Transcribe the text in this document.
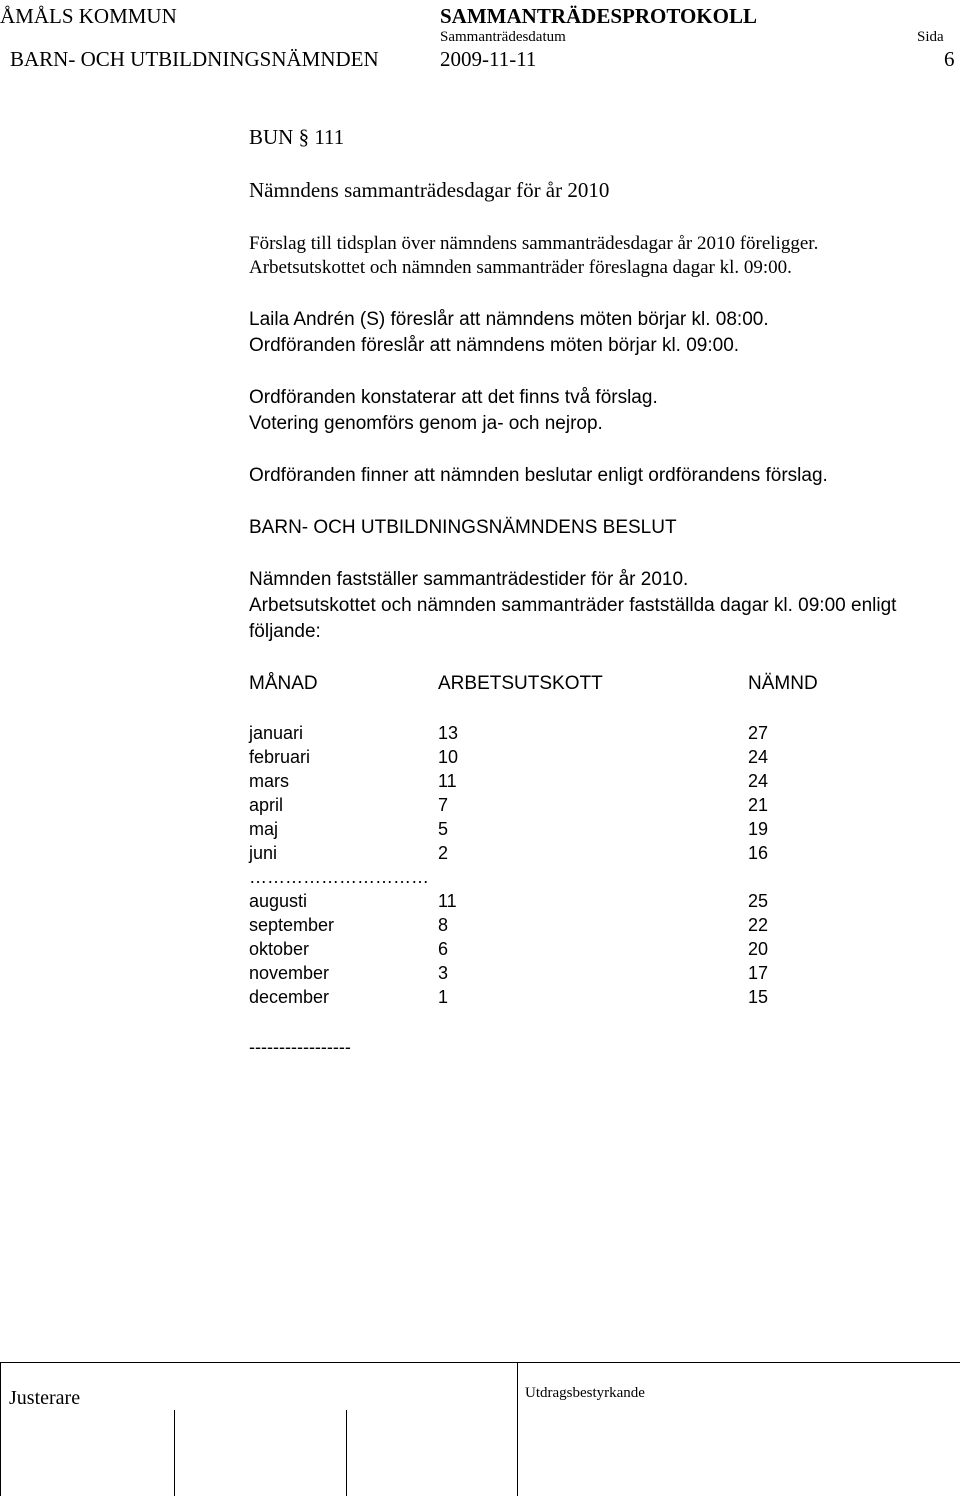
ÅMÅLS KOMMUN	SAMMANTRÄDESPROTOKOLL
Sammanträdesdatum	Sida
BARN- OCH UTBILDNINGSNÄMNDEN	2009-11-11	6
BUN § 111
Nämndens sammanträdesdagar för år 2010
Förslag till tidsplan över nämndens sammanträdesdagar år 2010 föreligger.
Arbetsutskottet och nämnden sammanträder föreslagna dagar kl. 09:00.
Laila Andrén (S) föreslår att nämndens möten börjar kl. 08:00.
Ordföranden föreslår att nämndens möten börjar kl. 09:00.
Ordföranden konstaterar att det finns två förslag.
Votering genomförs genom ja- och nejrop.
Ordföranden finner att nämnden beslutar enligt ordförandens förslag.
BARN- OCH UTBILDNINGSNÄMNDENS BESLUT
Nämnden fastställer sammanträdestider för år 2010.
Arbetsutskottet och nämnden sammanträder fastställda dagar kl. 09:00 enligt
följande:
MÅNAD	ARBETSUTSKOTT	NÄMND
januari	13	27
februari	10	24
mars	11	24
april	7	21
maj	5	19
juni	2	16
…………………………
augusti	11	25
september	8	22
oktober	6	20
november	3	17
december	1	15
-----------------
Justerare	Utdragsbestyrkande
